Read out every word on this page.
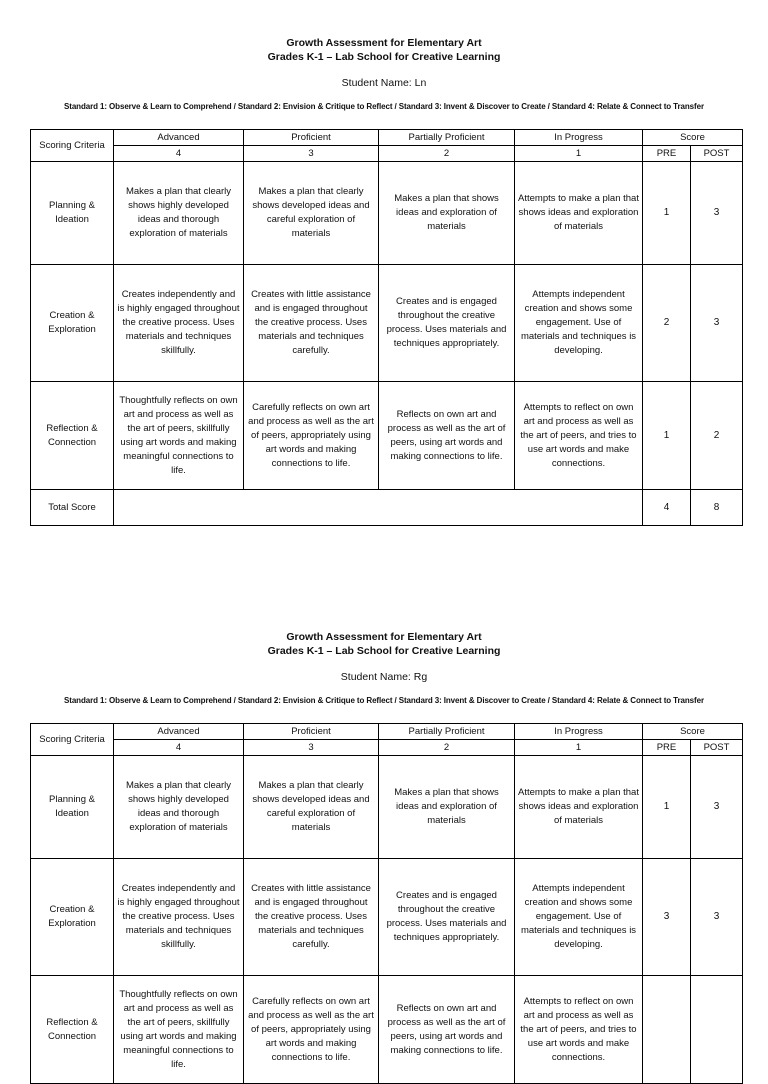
Growth Assessment for Elementary Art
Grades K-1 – Lab School for Creative Learning
Student Name: Ln
Standard 1: Observe & Learn to Comprehend / Standard 2: Envision & Critique to Reflect / Standard 3: Invent & Discover to Create / Standard 4: Relate & Connect to Transfer
Scoring Criteria	Advanced	Proficient	Partially Proficient	In Progress	Score	
	4	3	2	1	PRE	POST
Planning & Ideation	Makes a plan that clearly shows highly developed ideas and thorough exploration of materials	Makes a plan that clearly shows developed ideas and careful exploration of materials	Makes a plan that shows ideas and exploration of materials	Attempts to make a plan that shows ideas and exploration of materials	1	3
Creation & Exploration	Creates independently and is highly engaged throughout the creative process. Uses materials and techniques skillfully.	Creates with little assistance and is engaged throughout the creative process. Uses materials and techniques carefully.	Creates and is engaged throughout the creative process. Uses materials and techniques appropriately.	Attempts independent creation and shows some engagement. Use of materials and techniques is developing.	2	3
Reflection & Connection	Thoughtfully reflects on own art and process as well as the art of peers, skillfully using art words and making meaningful connections to life.	Carefully reflects on own art and process as well as the art of peers, appropriately using art words and making connections to life.	Reflects on own art and process as well as the art of peers, using art words and making connections to life.	Attempts to reflect on own art and process as well as the art of peers, and tries to use art words and make connections.	1	2
Total Score					4	8
Growth Assessment for Elementary Art
Grades K-1 – Lab School for Creative Learning
Student Name: Rg
Standard 1: Observe & Learn to Comprehend / Standard 2: Envision & Critique to Reflect / Standard 3: Invent & Discover to Create / Standard 4: Relate & Connect to Transfer
Scoring Criteria	Advanced	Proficient	Partially Proficient	In Progress	Score	
	4	3	2	1	PRE	POST
Planning & Ideation	Makes a plan that clearly shows highly developed ideas and thorough exploration of materials	Makes a plan that clearly shows developed ideas and careful exploration of materials	Makes a plan that shows ideas and exploration of materials	Attempts to make a plan that shows ideas and exploration of materials	1	3
Creation & Exploration	Creates independently and is highly engaged throughout the creative process. Uses materials and techniques skillfully.	Creates with little assistance and is engaged throughout the creative process. Uses materials and techniques carefully.	Creates and is engaged throughout the creative process. Uses materials and techniques appropriately.	Attempts independent creation and shows some engagement. Use of materials and techniques is developing.	3	3
Reflection & Connection	Thoughtfully reflects on own art and process as well as the art of peers, skillfully using art words and making meaningful connections to life.	Carefully reflects on own art and process as well as the art of peers, appropriately using art words and making connections to life.	Reflects on own art and process as well as the art of peers, using art words and making connections to life.	Attempts to reflect on own art and process as well as the art of peers, and tries to use art words and make connections.		
